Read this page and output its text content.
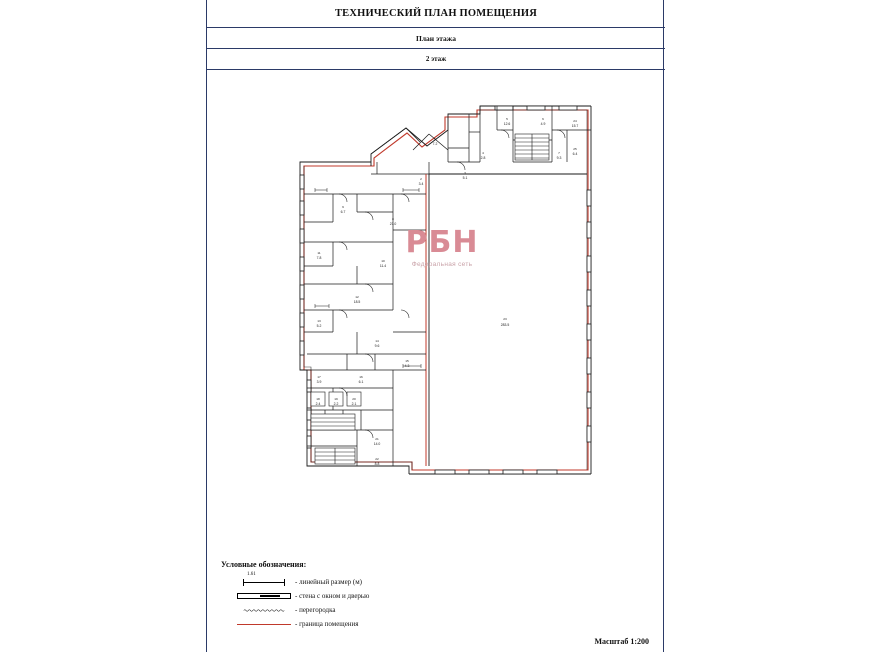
ТЕХНИЧЕСКИЙ ПЛАН ПОМЕЩЕНИЯ
План этажа
2 этаж
1
7.2
2
3.4
3
5.1
4
2.8
5
12.6
6
4.9
7
9.3
8
21.0
9
6.7
10
11.4
11
7.8
12
18.5
13
5.2
14
9.6
15
4.3
16
6.1
17
3.9
18
2.4
19
2.2
20
2.1
21
14.0
22
8.8
23
283.5
24
15.7
25
6.4
РБН
Федеральная сеть
Условные обозначения:
1.61
- линейный размер (м)
- стена с окном и дверью
- перегородка
- граница помещения
Масштаб 1:200
